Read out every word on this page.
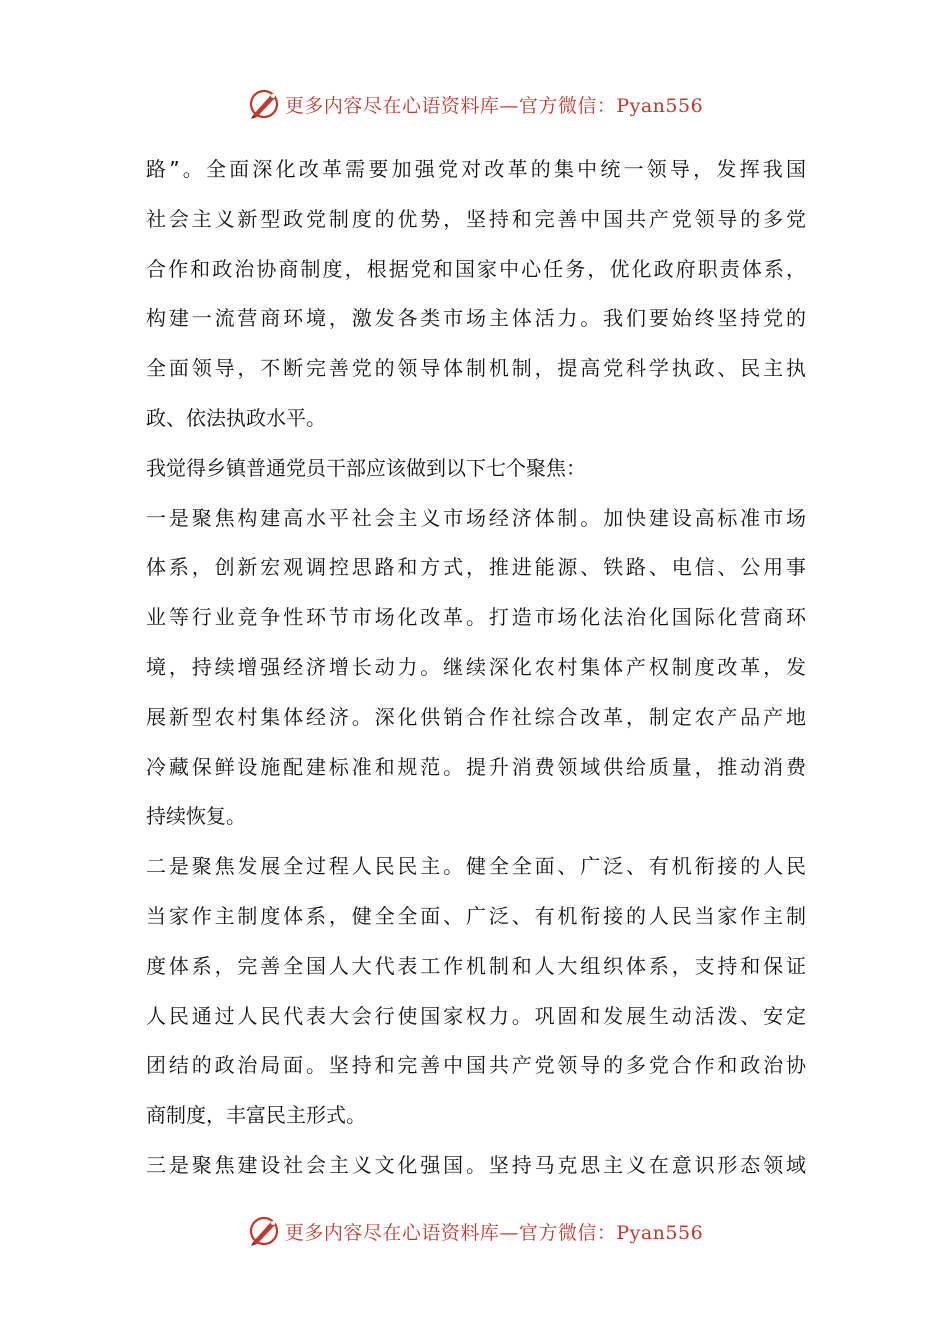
更多内容尽在心语资料库—官方微信：Pyan556
路”。全面深化改革需要加强党对改革的集中统一领导，发挥我国
社会主义新型政党制度的优势，坚持和完善中国共产党领导的多党
合作和政治协商制度，根据党和国家中心任务，优化政府职责体系，
构建一流营商环境，激发各类市场主体活力。我们要始终坚持党的
全面领导，不断完善党的领导体制机制，提高党科学执政、民主执
政、依法执政水平。
我觉得乡镇普通党员干部应该做到以下七个聚焦：
一是聚焦构建高水平社会主义市场经济体制。加快建设高标准市场
体系，创新宏观调控思路和方式，推进能源、铁路、电信、公用事
业等行业竞争性环节市场化改革。打造市场化法治化国际化营商环
境，持续增强经济增长动力。继续深化农村集体产权制度改革，发
展新型农村集体经济。深化供销合作社综合改革，制定农产品产地
冷藏保鲜设施配建标准和规范。提升消费领域供给质量，推动消费
持续恢复。
二是聚焦发展全过程人民民主。健全全面、广泛、有机衔接的人民
当家作主制度体系，健全全面、广泛、有机衔接的人民当家作主制
度体系，完善全国人大代表工作机制和人大组织体系，支持和保证
人民通过人民代表大会行使国家权力。巩固和发展生动活泼、安定
团结的政治局面。坚持和完善中国共产党领导的多党合作和政治协
商制度，丰富民主形式。
三是聚焦建设社会主义文化强国。坚持马克思主义在意识形态领域
更多内容尽在心语资料库—官方微信：Pyan556
